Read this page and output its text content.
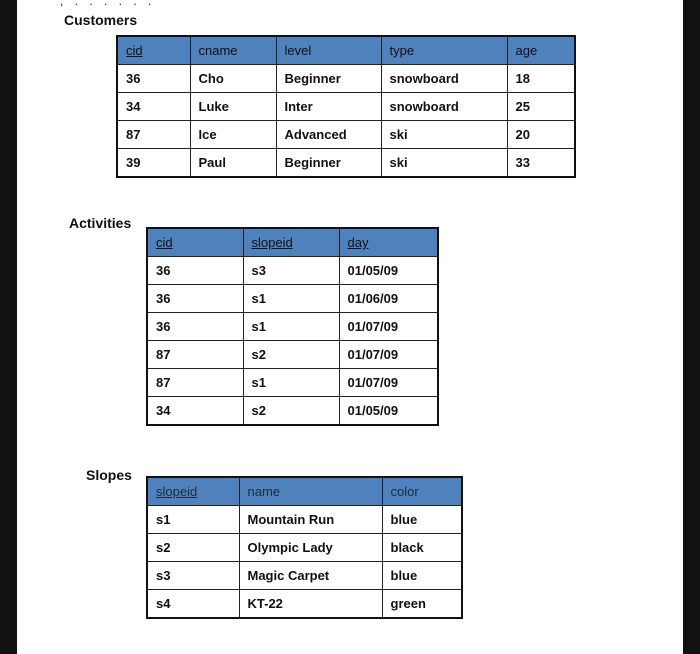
, . . . . . .
Customers
cid	cname	level	type	age
36	Cho	Beginner	snowboard	18
34	Luke	Inter	snowboard	25
87	Ice	Advanced	ski	20
39	Paul	Beginner	ski	33
Activities
cid	slopeid	day
36	s3	01/05/09
36	s1	01/06/09
36	s1	01/07/09
87	s2	01/07/09
87	s1	01/07/09
34	s2	01/05/09
Slopes
slopeid	name	color
s1	Mountain Run	blue
s2	Olympic Lady	black
s3	Magic Carpet	blue
s4	KT-22	green
